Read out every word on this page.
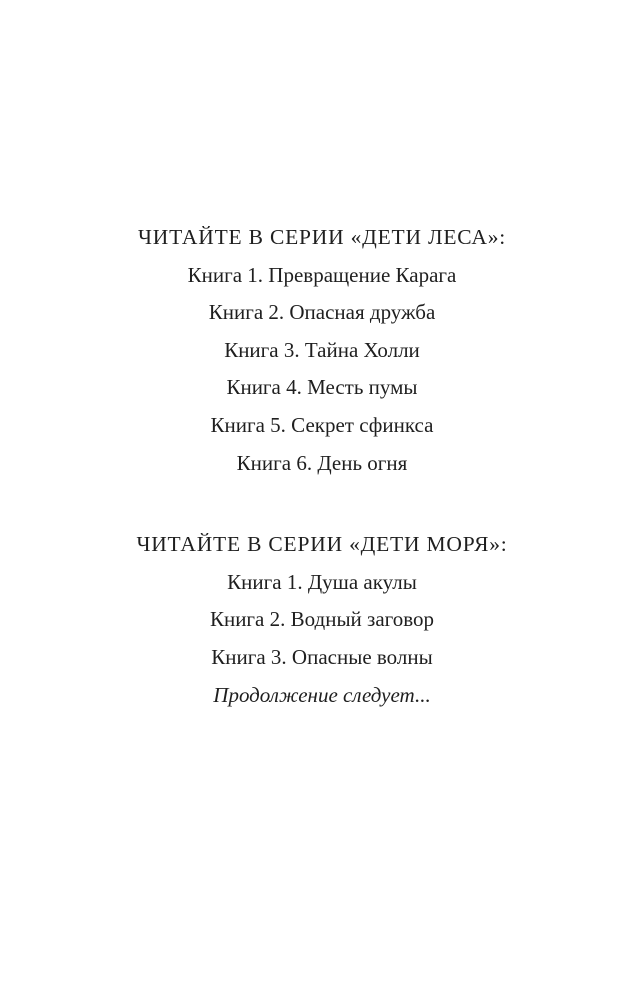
ЧИТАЙТЕ В СЕРИИ «ДЕТИ ЛЕСА»:

Книга 1. Превращение Карага

Книга 2. Опасная дружба

Книга 3. Тайна Холли

Книга 4. Месть пумы

Книга 5. Секрет сфинкса

Книга 6. День огня

ЧИТАЙТЕ В СЕРИИ «ДЕТИ МОРЯ»:

Книга 1. Душа акулы

Книга 2. Водный заговор

Книга 3. Опасные волны

Продолжение следует...
